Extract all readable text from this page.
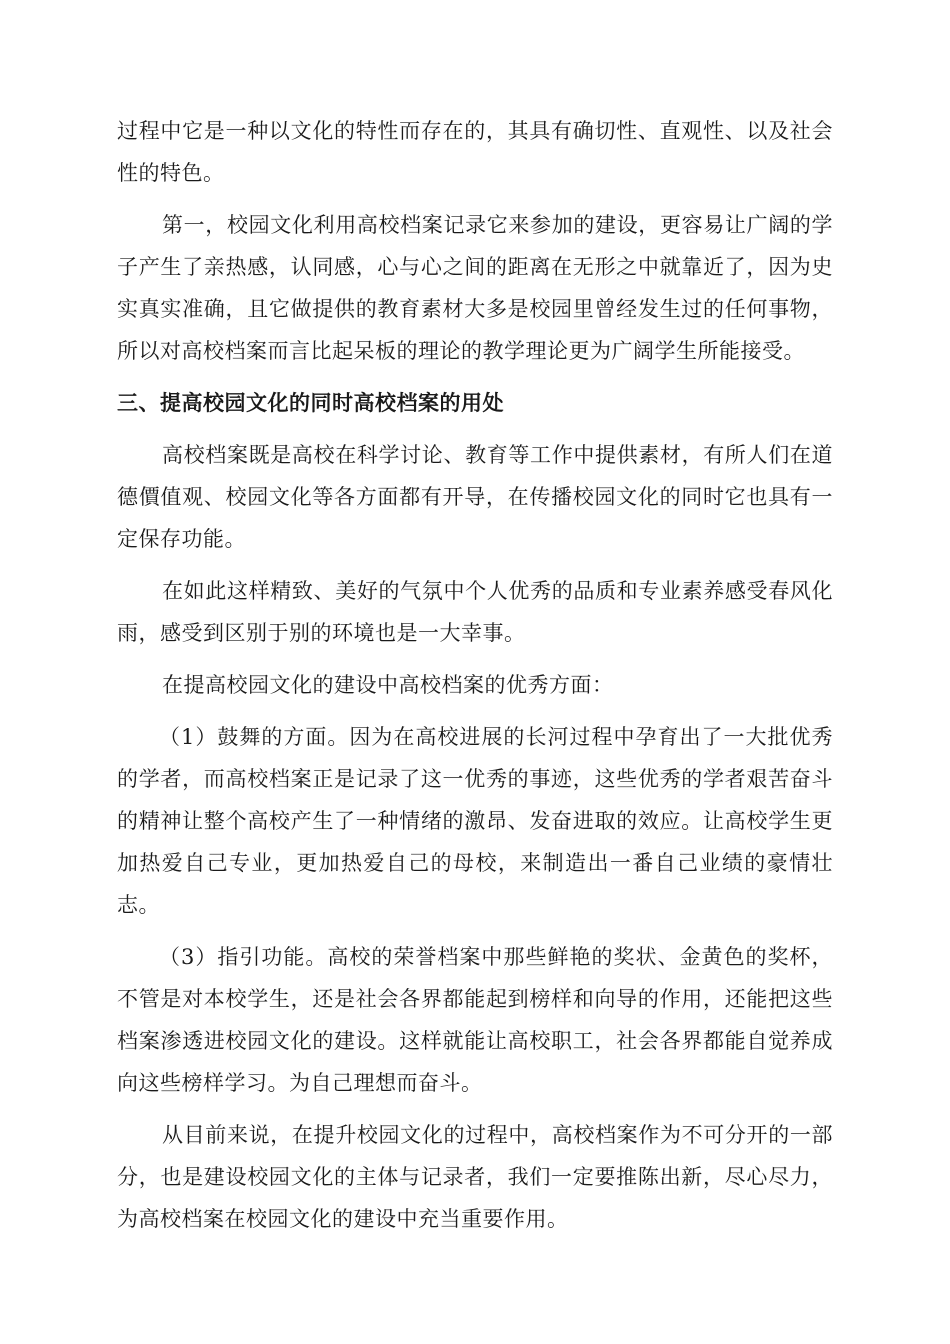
过程中它是一种以文化的特性而存在的，其具有确切性、直观性、以及社会性的特色。

第一，校园文化利用高校档案记录它来参加的建设，更容易让广阔的学子产生了亲热感，认同感，心与心之间的距离在无形之中就靠近了，因为史实真实准确，且它做提供的教育素材大多是校园里曾经发生过的任何事物，所以对高校档案而言比起呆板的理论的教学理论更为广阔学生所能接受。

三、提高校园文化的同时高校档案的用处

高校档案既是高校在科学讨论、教育等工作中提供素材，有所人们在道德價值观、校园文化等各方面都有开导，在传播校园文化的同时它也具有一定保存功能。

在如此这样精致、美好的气氛中个人优秀的品质和专业素养感受春风化雨，感受到区别于别的环境也是一大幸事。

在提高校园文化的建设中高校档案的优秀方面：

（1）鼓舞的方面。因为在高校进展的长河过程中孕育出了一大批优秀的学者，而高校档案正是记录了这一优秀的事迹，这些优秀的学者艰苦奋斗的精神让整个高校产生了一种情绪的激昂、发奋进取的效应。让高校学生更加热爱自己专业，更加热爱自己的母校，来制造出一番自己业绩的豪情壮志。

（3）指引功能。高校的荣誉档案中那些鲜艳的奖状、金黄色的奖杯，不管是对本校学生，还是社会各界都能起到榜样和向导的作用，还能把这些档案渗透进校园文化的建设。这样就能让高校职工，社会各界都能自觉养成向这些榜样学习。为自己理想而奋斗。

从目前来说，在提升校园文化的过程中，高校档案作为不可分开的一部分，也是建设校园文化的主体与记录者，我们一定要推陈出新，尽心尽力，为高校档案在校园文化的建设中充当重要作用。
